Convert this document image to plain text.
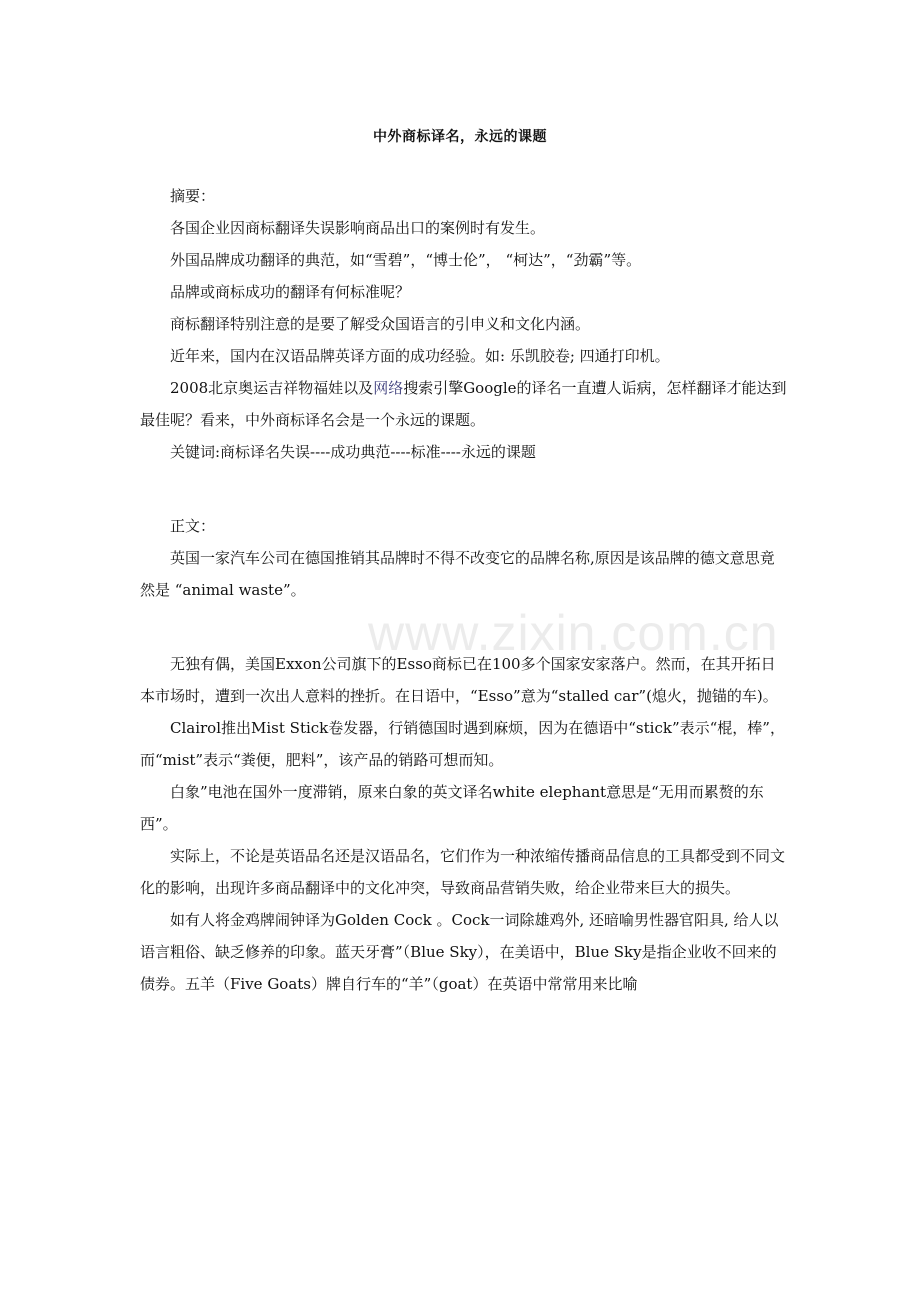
中外商标译名，永远的课题

摘要：

各国企业因商标翻译失误影响商品出口的案例时有发生。

外国品牌成功翻译的典范，如“雪碧”，“博士伦”， “柯达”，“劲霸”等。

品牌或商标成功的翻译有何标准呢？

商标翻译特别注意的是要了解受众国语言的引申义和文化内涵。

近年来，国内在汉语品牌英译方面的成功经验。如: 乐凯胶卷; 四通打印机。

2008北京奥运吉祥物福娃以及网络搜索引擎Google的译名一直遭人诟病，怎样翻译才能达到最佳呢？看来，中外商标译名会是一个永远的课题。

关键词:商标译名失误----成功典范----标准----永远的课题

正文：

英国一家汽车公司在德国推销其品牌时不得不改变它的品牌名称,原因是该品牌的德文意思竟然是 “animal waste”。

无独有偶，美国Exxon公司旗下的Esso商标已在100多个国家安家落户。然而，在其开拓日本市场时，遭到一次出人意料的挫折。在日语中，“Esso”意为“stalled car”(熄火，抛锚的车)。

Clairol推出Mist Stick卷发器，行销德国时遇到麻烦，因为在德语中“stick”表示“棍，棒”，而“mist”表示“粪便，肥料”，该产品的销路可想而知。

白象”电池在国外一度滞销，原来白象的英文译名white elephant意思是“无用而累赘的东西”。

实际上，不论是英语品名还是汉语品名，它们作为一种浓缩传播商品信息的工具都受到不同文化的影响，出现许多商品翻译中的文化冲突，导致商品营销失败，给企业带来巨大的损失。

如有人将金鸡牌闹钟译为Golden Cock 。Cock一词除雄鸡外, 还暗喻男性器官阳具, 给人以语言粗俗、缺乏修养的印象。蓝天牙膏”（Blue Sky），在美语中，Blue Sky是指企业收不回来的债券。五羊（Five Goats）牌自行车的“羊”（goat）在英语中常常用来比喻

www.zixin.com.cn
